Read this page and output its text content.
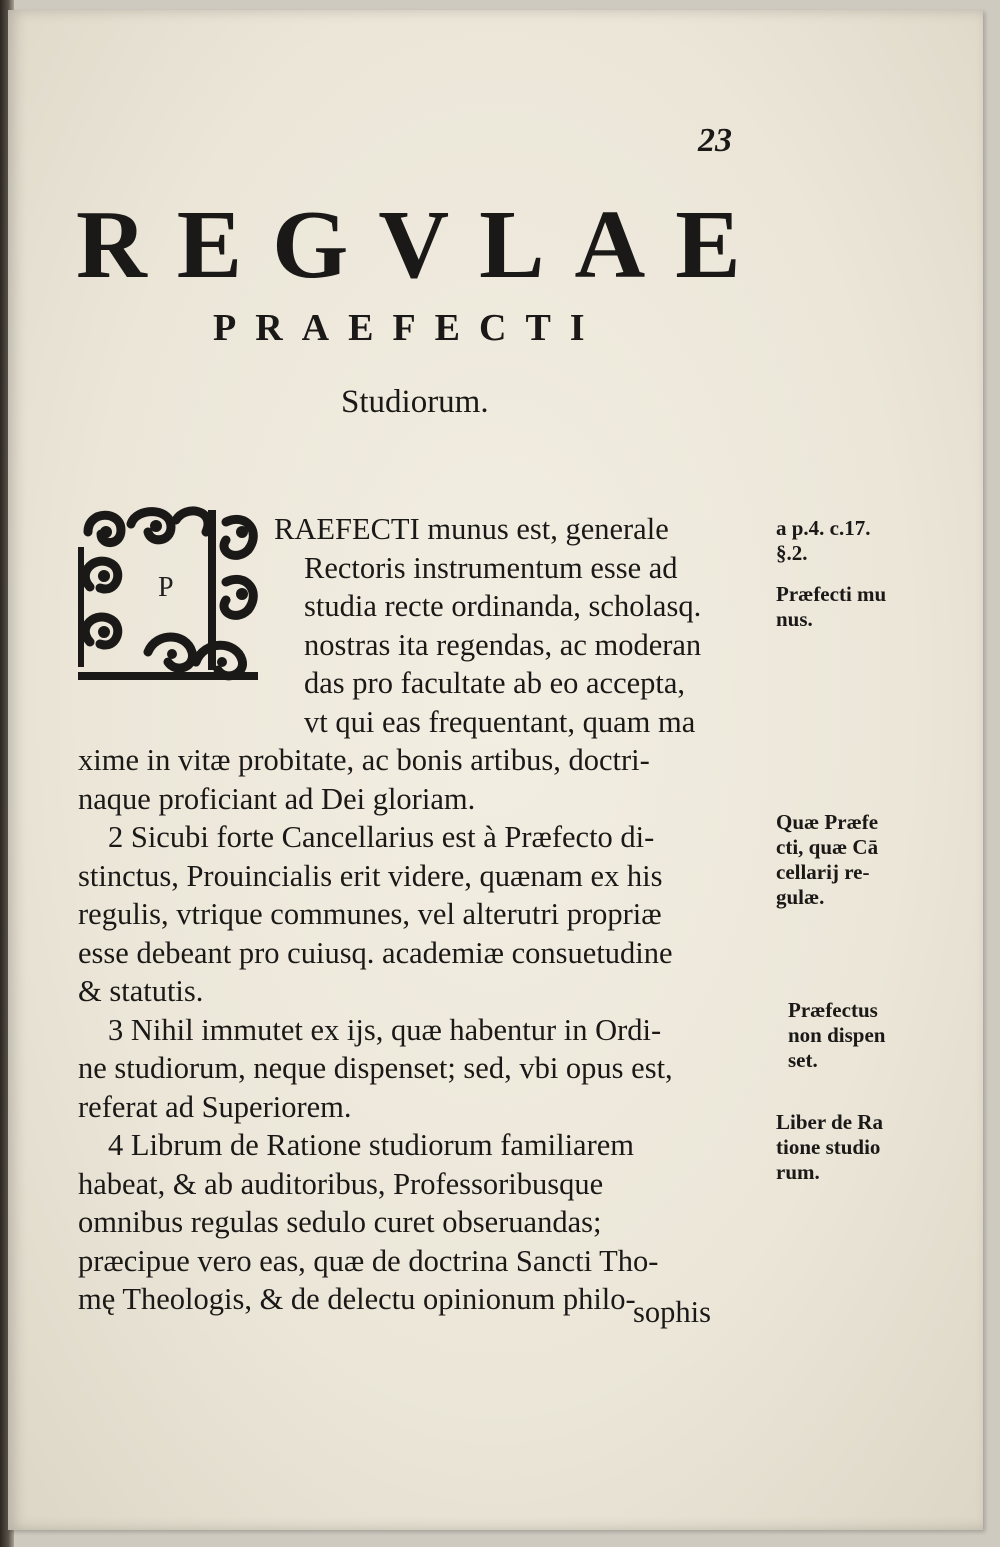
23
REGVLAE
PRAEFECTI
Studiorum.
P

RAEFECTI munus est, generale
Rectoris instrumentum esse ad
studia recte ordinanda, scholasq.
nostras ita regendas, ac moderan
das pro facultate ab eo accepta,
vt qui eas frequentant, quam ma

xime in vitæ probitate, ac bonis artibus, doctri-
naque proficiant ad Dei gloriam.

2 Sicubi forte Cancellarius est à Præfecto di-
stinctus, Prouincialis erit videre, quænam ex his
regulis, vtrique communes, vel alterutri propriæ
esse debeant pro cuiusq. academiæ consuetudine
& statutis.

3 Nihil immutet ex ijs, quæ habentur in Ordi-
ne studiorum, neque dispenset; sed, vbi opus est,
referat ad Superiorem.

4 Librum de Ratione studiorum familiarem
habeat, & ab auditoribus, Professoribusque
omnibus regulas sedulo curet obseruandas;
præcipue vero eas, quæ de doctrina Sancti Tho-
mę Theologis, & de delectu opinionum philo-

sophis
a p.4. c.17.
§.2.
Præfecti mu
nus.
Quæ Præfe
cti, quæ Cā
cellarij re-
gulæ.
Præfectus
non dispen
set.
Liber de Ra
tione studio
rum.
